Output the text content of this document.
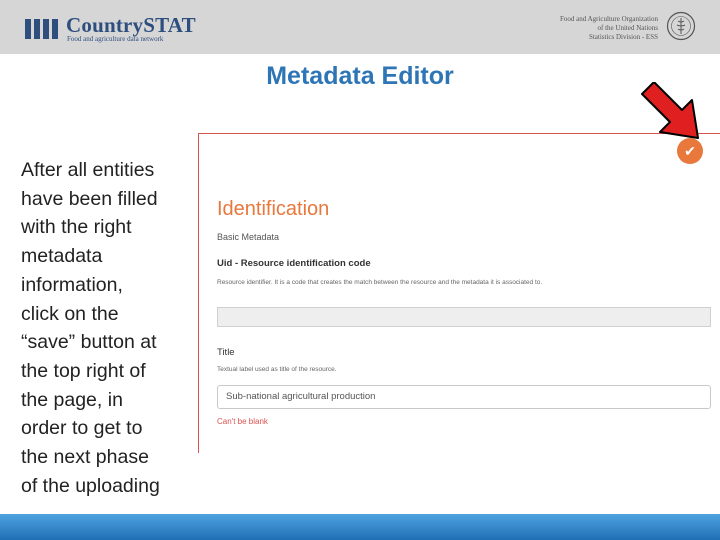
CountrySTAT
Food and agriculture data network
Food and Agriculture Organization
of the United Nations
Statistics Division - ESS
Metadata Editor
After all entities
have been filled
with the right
metadata
information,
click on the
“save” button at
the top right of
the page, in
order to get to
the next phase
of the uploading
✔
Identification
Basic Metadata
Uid - Resource identification code
Resource identifier. It is a code that creates the match between the resource and the metadata it is associated to.
Title
Textual label used as title of the resource.
Sub-national agricultural production
Can't be blank
